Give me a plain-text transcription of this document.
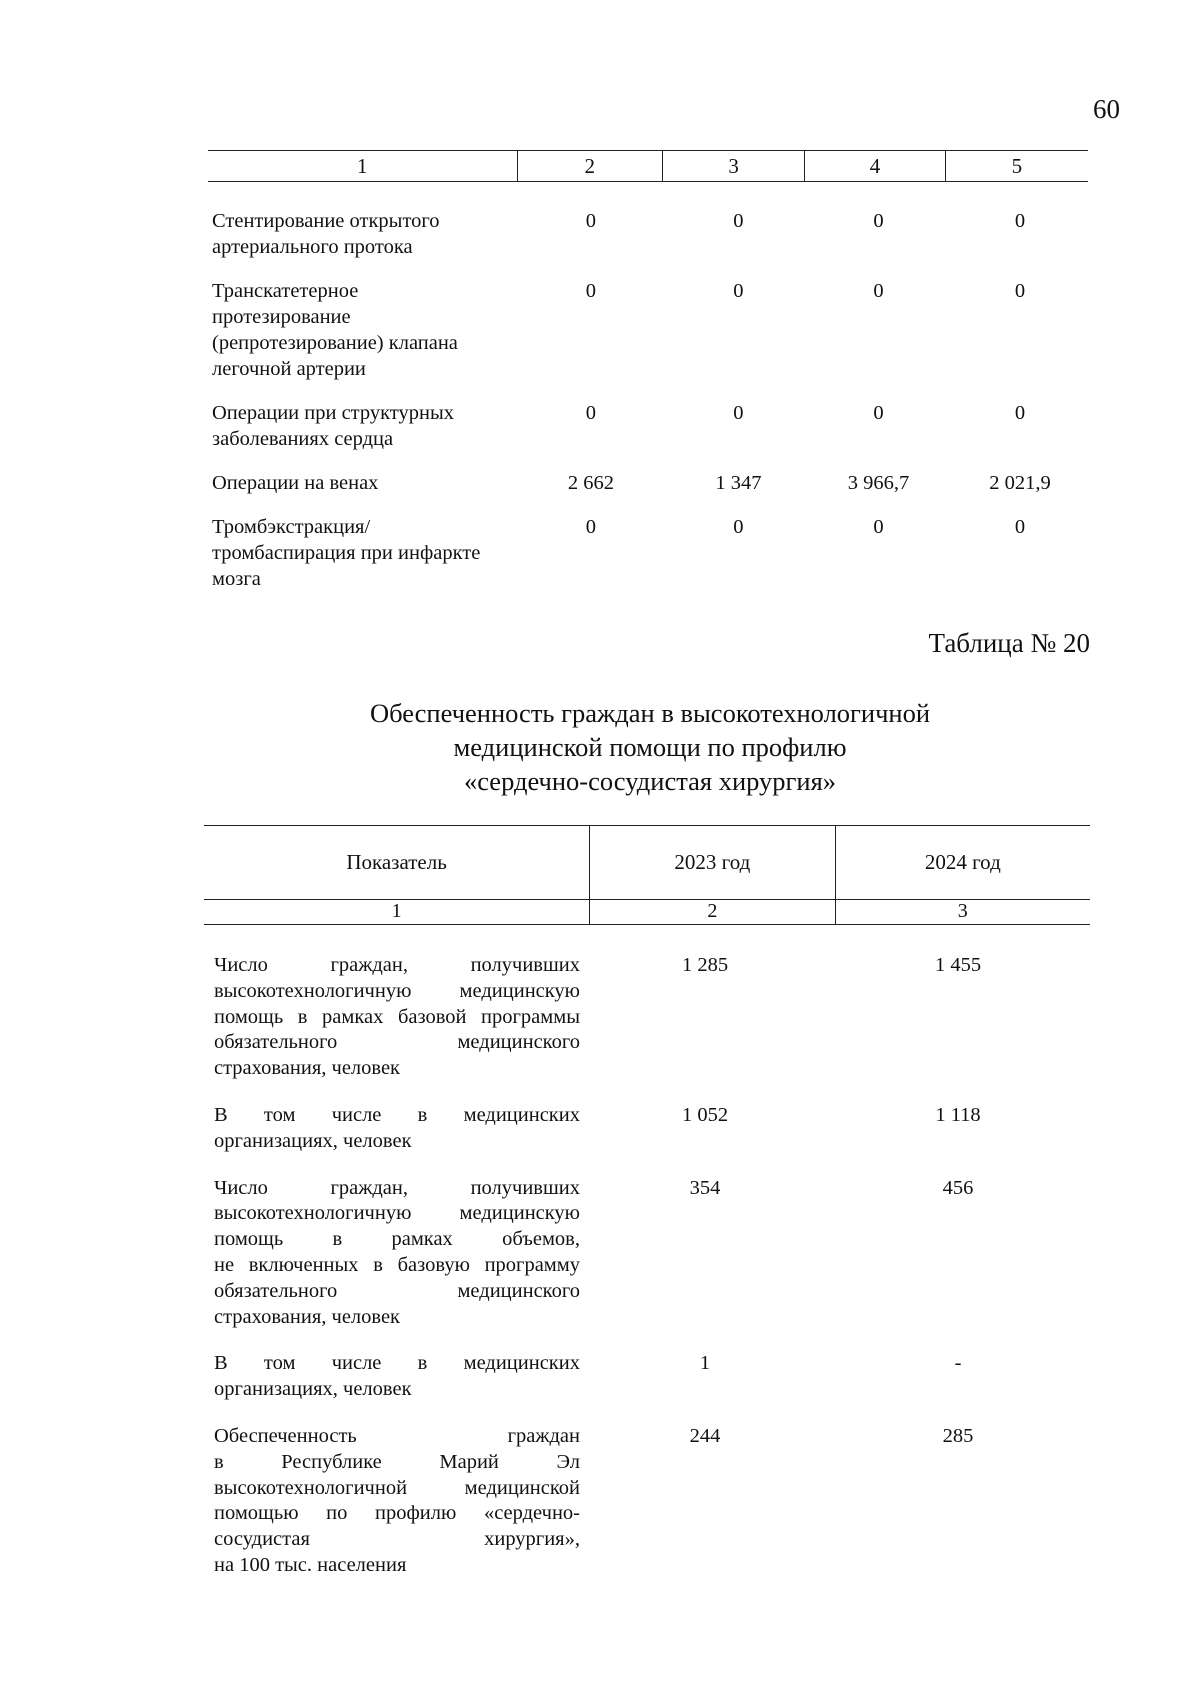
60
1	2	3	4	5
Стентирование открытого
артериального протока
0	0	0	0
Транскатетерное
протезирование
(репротезирование) клапана
легочной артерии
0	0	0	0
Операции при структурных
заболеваниях сердца
0	0	0	0
Операции на венах	2 662	1 347	3 966,7	2 021,9
Тромбэкстракция/
тромбаспирация при инфаркте
мозга
0	0	0	0
Таблица № 20
Обеспеченность граждан в высокотехнологичной
медицинской помощи по профилю
«сердечно-сосудистая хирургия»
Показатель	2023 год	2024 год
1	2	3
Число граждан, получивших
высокотехнологичную медицинскую
помощь в рамках базовой программы
обязательного медицинского
страхования, человек
1 285	1 455
В том числе в медицинских
организациях, человек
1 052	1 118
Число граждан, получивших
высокотехнологичную медицинскую
помощь в рамках объемов,
не включенных в базовую программу
обязательного медицинского
страхования, человек
354	456
В том числе в медицинских
организациях, человек
1	-
Обеспеченность граждан
в Республике Марий Эл
высокотехнологичной медицинской
помощью по профилю «сердечно-
сосудистая хирургия»,
на 100 тыс. населения
244	285
